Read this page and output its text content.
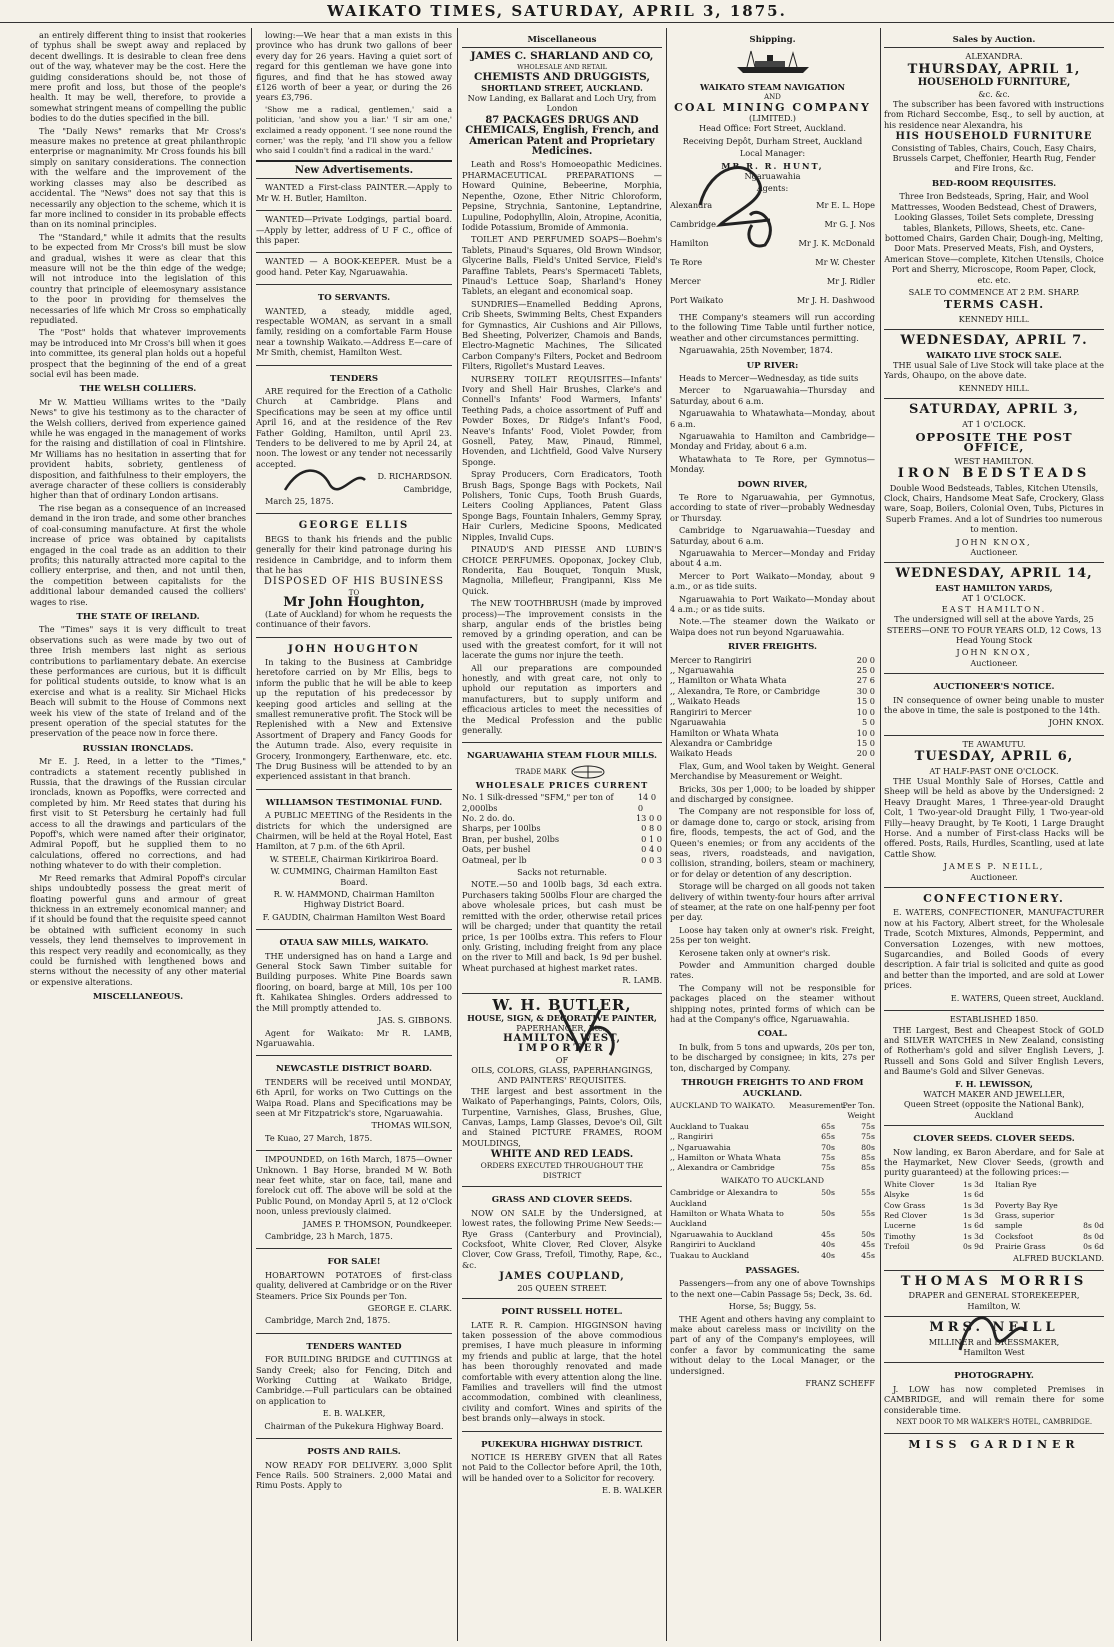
WAIKATO TIMES, SATURDAY, APRIL 3, 1875.

an entirely different thing to insist that rookeries of typhus shall be swept away and replaced by decent dwellings. It is desirable to clean free dens out of the way, whatever may be the cost. Here the guiding considerations should be, not those of mere profit and loss, but those of the people's health. It may be well, therefore, to provide a somewhat stringent means of compelling the public bodies to do the duties specified in the bill.

The "Daily News" remarks that Mr Cross's measure makes no pretence at great philanthropic enterprise or magnanimity. Mr Cross founds his bill simply on sanitary considerations. The connection with the welfare and the improvement of the working classes may also be described as accidental. The "News" does not say that this is necessarily any objection to the scheme, which it is far more inclined to consider in its probable effects than on its nominal principles.

The "Standard," while it admits that the results to be expected from Mr Cross's bill must be slow and gradual, wishes it were as clear that this measure will not be the thin edge of the wedge; will not introduce into the legislation of this country that principle of eleemosynary assistance to the poor in providing for themselves the necessaries of life which Mr Cross so emphatically repudiated.

The "Post" holds that whatever improvements may be introduced into Mr Cross's bill when it goes into committee, its general plan holds out a hopeful prospect that the beginning of the end of a great social evil has been made.

THE WELSH COLLIERS.

Mr W. Mattieu Williams writes to the "Daily News" to give his testimony as to the character of the Welsh colliers, derived from experience gained while he was engaged in the management of works for the raising and distillation of coal in Flintshire. Mr Williams has no hesitation in asserting that for provident habits, sobriety, gentleness of disposition, and faithfulness to their employers, the average character of these colliers is considerably higher than that of ordinary London artisans.

The rise began as a consequence of an increased demand in the iron trade, and some other branches of coal-consuming manufacture. At first the whole increase of price was obtained by capitalists engaged in the coal trade as an addition to their profits; this naturally attracted more capital to the colliery enterprise, and then, and not until then, the competition between capitalists for the additional labour demanded caused the colliers' wages to rise.

THE STATE OF IRELAND.

The "Times" says it is very difficult to treat observations such as were made by two out of three Irish members last night as serious contributions to parliamentary debate. An exercise these performances are curious, but it is difficult for political students outside, to know what is an exercise and what is a reality. Sir Michael Hicks Beach will submit to the House of Commons next week his view of the state of Ireland and of the present operation of the special statutes for the preservation of the peace now in force there.

RUSSIAN IRONCLADS.

Mr E. J. Reed, in a letter to the "Times," contradicts a statement recently published in Russia, that the drawings of the Russian circular ironclads, known as Popoffks, were corrected and completed by him. Mr Reed states that during his first visit to St Petersburg he certainly had full access to all the drawings and particulars of the Popoff's, which were named after their originator, Admiral Popoff, but he supplied them to no calculations, offered no corrections, and had nothing whatever to do with their completion.

Mr Reed remarks that Admiral Popoff's circular ships undoubtedly possess the great merit of floating powerful guns and armour of great thickness in an extremely economical manner; and if it should be found that the requisite speed cannot be obtained with sufficient economy in such vessels, they lend themselves to improvement in this respect very readily and economically, as they could be furnished with lengthened bows and sterns without the necessity of any other material or expensive alterations.

MISCELLANEOUS.

lowing:—We hear that a man exists in this province who has drunk two gallons of beer every day for 26 years. Having a quiet sort of regard for this gentleman we have gone into figures, and find that he has stowed away £126 worth of beer a year, or during the 26 years £3,796.

'Show me a radical, gentlemen,' said a politician, 'and show you a liar.' 'I sir am one,' exclaimed a ready opponent. 'I see none round the corner,' was the reply, 'and I'll show you a fellow who said I couldn't find a radical in the ward.'

New Advertisements.

WANTED a First-class PAINTER.—Apply to Mr W. H. Butler, Hamilton.

WANTED—Private Lodgings, partial board.—Apply by letter, address of U F C., office of this paper.

WANTED — A BOOK-KEEPER. Must be a good hand. Peter Kay, Ngaruawahia.

TO SERVANTS.

WANTED, a steady, middle aged, respectable WOMAN, as servant in a small family, residing on a comfortable Farm House near a township Waikato.—Address E—care of Mr Smith, chemist, Hamilton West.

TENDERS

ARE required for the Erection of a Catholic Church at Cambridge. Plans and Specifications may be seen at my office until April 16, and at the residence of the Rev Father Golding, Hamilton, until April 23. Tenders to be delivered to me by April 24, at noon. The lowest or any tender not necessarily accepted.

D. RICHARDSON.

Cambridge,

March 25, 1875.

GEORGE ELLIS

BEGS to thank his friends and the public generally for their kind patronage during his residence in Cambridge, and to inform them that he has

DISPOSED OF HIS BUSINESS
TO
Mr John Houghton,

(Late of Auckland) for whom he requests the continuance of their favors.

JOHN HOUGHTON

In taking to the Business at Cambridge heretofore carried on by Mr Ellis, begs to inform the public that he will be able to keep up the reputation of his predecessor by keeping good articles and selling at the smallest remunerative profit. The Stock will be Replenished with a New and Extensive Assortment of Drapery and Fancy Goods for the Autumn trade. Also, every requisite in Grocery, Ironmongery, Earthenware, etc. etc. The Drug Business will be attended to by an experienced assistant in that branch.

WILLIAMSON TESTIMONIAL FUND.

A PUBLIC MEETING of the Residents in the districts for which the undersigned are Chairmen, will be held at the Royal Hotel, East Hamilton, at 7 p.m. of the 6th April.

W. STEELE, Chairman Kirikiriroa Board.

W. CUMMING, Chairman Hamilton East Board.

R. W. HAMMOND, Chairman Hamilton Highway District Board.

F. GAUDIN, Chairman Hamilton West Board

OTAUA SAW MILLS, WAIKATO.

THE undersigned has on hand a Large and General Stock Sawn Timber suitable for Building purposes. White Pine Boards sawn flooring, on board, barge at Mill, 10s per 100 ft. Kahikatea Shingles. Orders addressed to the Mill promptly attended to.

JAS. S. GIBBONS.

Agent for Waikato: Mr R. LAMB, Ngaruawahia.

NEWCASTLE DISTRICT BOARD.

TENDERS will be received until MONDAY, 6th April, for works on Two Cuttings on the Waipa Road. Plans and Specifications may be seen at Mr Fitzpatrick's store, Ngaruawahia.

THOMAS WILSON,

Te Kuao, 27 March, 1875.

IMPOUNDED, on 16th March, 1875—Owner Unknown. 1 Bay Horse, branded M W. Both near feet white, star on face, tail, mane and forelock cut off. The above will be sold at the Public Pound, on Monday April 5, at 12 o'Clock noon, unless previously claimed.

JAMES P. THOMSON, Poundkeeper.

Cambridge, 23 h March, 1875.

FOR SALE!

HOBARTOWN POTATOES of first-class quality, delivered at Cambridge or on the River Steamers. Price Six Pounds per Ton.

GEORGE E. CLARK.

Cambridge, March 2nd, 1875.

TENDERS WANTED

FOR BUILDING BRIDGE and CUTTINGS at Sandy Creek; also for Fencing, Ditch and Working Cutting at Waikato Bridge, Cambridge.—Full particulars can be obtained on application to

E. B. WALKER,

Chairman of the Pukekura Highway Board.

POSTS AND RAILS.

NOW READY FOR DELIVERY. 3,000 Split Fence Rails. 500 Strainers. 2,000 Matai and Rimu Posts. Apply to

Miscellaneous
JAMES C. SHARLAND AND CO,
WHOLESALE AND RETAIL
CHEMISTS AND DRUGGISTS,
SHORTLAND STREET, AUCKLAND.

Now Landing, ex Ballarat and Loch Ury, from London

87 PACKAGES DRUGS AND CHEMICALS, English, French, and American Patent and Proprietary Medicines.

Leath and Ross's Homoeopathic Medicines. PHARMACEUTICAL PREPARATIONS — Howard Quinine, Bebeerine, Morphia, Nepenthe, Ozone, Ether Nitric Chloroform, Pepsine, Strychnia, Santonine, Leptandrine, Lupuline, Podophyllin, Aloin, Atropine, Aconitia, Iodide Potassium, Bromide of Ammonia.

TOILET AND PERFUMED SOAPS—Boehm's Tablets, Pinaud's Squares, Old Brown Windsor, Glycerine Balls, Field's United Service, Field's Paraffine Tablets, Pears's Spermaceti Tablets, Pinaud's Lettuce Soap, Sharland's Honey Tablets, an elegant and economical soap.

SUNDRIES—Enamelled Bedding Aprons, Crib Sheets, Swimming Belts, Chest Expanders for Gymnastics, Air Cushions and Air Pillows, Bed Sheeting, Polverizer, Chamois and Bands, Electro-Magnetic Machines, The Silicated Carbon Company's Filters, Pocket and Bedroom Filters, Rigollet's Mustard Leaves.

NURSERY TOILET REQUISITES—Infants' Ivory and Shell Hair Brushes, Clarke's and Connell's Infants' Food Warmers, Infants' Teething Pads, a choice assortment of Puff and Powder Boxes, Dr Ridge's Infant's Food, Neave's Infants' Food, Violet Powder, from Gosnell, Patey, Maw, Pinaud, Rimmel, Hovenden, and Lichtfield, Good Valve Nursery Sponge.

Spray Producers, Corn Eradicators, Tooth Brush Bags, Sponge Bags with Pockets, Nail Polishers, Tonic Cups, Tooth Brush Guards, Leiters Cooling Appliances, Patent Glass Sponge Bags, Fountain Inhalers, Gemmy Spray, Hair Curlers, Medicine Spoons, Medicated Nipples, Invalid Cups.

PINAUD'S AND PIESSE AND LUBIN'S CHOICE PERFUMES. Opoponax, Jockey Club, Ronderita, Eau Bouquet, Tonquin Musk, Magnolia, Millefleur, Frangipanni, Kiss Me Quick.

The NEW TOOTHBRUSH (made by improved process)—The improvement consists in the sharp, angular ends of the bristles being removed by a grinding operation, and can be used with the greatest comfort, for it will not lacerate the gums nor injure the teeth.

All our preparations are compounded honestly, and with great care, not only to uphold our reputation as importers and manufacturers, but to supply uniform and efficacious articles to meet the necessities of the Medical Profession and the public generally.

NGARUAWAHIA STEAM FLOUR MILLS.
TRADE MARK
WHOLESALE PRICES CURRENT
No. 1 Silk-dressed "SFM," per ton of 2,000lbs
14 0 0
No. 2 do. do.	13 0 0
Sharps, per 100lbs	0 8 0
Bran, per bushel, 20lbs	0 1 0
Oats, per bushel	0 4 0
Oatmeal, per lb	0 0 3

Sacks not returnable.

NOTE.—50 and 100lb bags, 3d each extra. Purchasers taking 500lbs Flour are charged the above wholesale prices, but cash must be remitted with the order, otherwise retail prices will be charged; under that quantity the retail price, 1s per 100lbs extra. This refers to Flour only. Gristing, including freight from any place on the river to Mill and back, 1s 9d per bushel. Wheat purchased at highest market rates.

R. LAMB.

W. H. BUTLER,
HOUSE, SIGN, & DECORATIVE PAINTER,
PAPERHANGER, Etc.,
HAMILTON WEST,
IMPORTER
OF
OILS, COLORS, GLASS, PAPERHANGINGS, AND PAINTERS' REQUISITES.

THE largest and best assortment in the Waikato of Paperhangings, Paints, Colors, Oils, Turpentine, Varnishes, Glass, Brushes, Glue, Canvas, Lamps, Lamp Glasses, Devoe's Oil, Gilt and Stained PICTURE FRAMES, ROOM MOULDINGS,

WHITE AND RED LEADS.
ORDERS EXECUTED THROUGHOUT THE DISTRICT
GRASS AND CLOVER SEEDS.

NOW ON SALE by the Undersigned, at lowest rates, the following Prime New Seeds:— Rye Grass (Canterbury and Provincial), Cocksfoot, White Clover, Red Clover, Alsyke Clover, Cow Grass, Trefoil, Timothy, Rape, &c., &c.

JAMES COUPLAND,
205 QUEEN STREET.
POINT RUSSELL HOTEL.

LATE R. R. Campion. HIGGINSON having taken possession of the above commodious premises, I have much pleasure in informing my friends and public at large, that the hotel has been thoroughly renovated and made comfortable with every attention along the line. Families and travellers will find the utmost accommodation, combined with cleanliness, civility and comfort. Wines and spirits of the best brands only—always in stock.

PUKEKURA HIGHWAY DISTRICT.

NOTICE IS HEREBY GIVEN that all Rates not Paid to the Collector before April, the 10th, will be handed over to a Solicitor for recovery.

E. B. WALKER

Shipping.
WAIKATO STEAM NAVIGATION
AND
COAL MINING COMPANY
(LIMITED.)

Head Office: Fort Street, Auckland.

Receiving Depôt, Durham Street, Auckland

Local Manager:

MR R. R. HUNT,

Ngaruawahia

Agents:

Alexandra	Mr E. L. Hope
Cambridge	Mr G. J. Nos
Hamilton	Mr J. K. McDonald
Te Rore	Mr W. Chester
Mercer	Mr J. Ridler
Port Waikato	Mr J. H. Dashwood

THE Company's steamers will run according to the following Time Table until further notice, weather and other circumstances permitting.

Ngaruawahia, 25th November, 1874.

UP RIVER:

Heads to Mercer—Wednesday, as tide suits

Mercer to Ngaruawahia—Thursday and Saturday, about 6 a.m.

Ngaruawahia to Whatawhata—Monday, about 6 a.m.

Ngaruawahia to Hamilton and Cambridge—Monday and Friday, about 6 a.m.

Whatawhata to Te Rore, per Gymnotus—Monday.

DOWN RIVER,

Te Rore to Ngaruawahia, per Gymnotus, according to state of river—probably Wednesday or Thursday.

Cambridge to Ngaruawahia—Tuesday and Saturday, about 6 a.m.

Ngaruawahia to Mercer—Monday and Friday about 4 a.m.

Mercer to Port Waikato—Monday, about 9 a.m., or as tide suits.

Ngaruawahia to Port Waikato—Monday about 4 a.m.; or as tide suits.

Note.—The steamer down the Waikato or Waipa does not run beyond Ngaruawahia.

RIVER FREIGHTS.
Mercer to Rangiriri	20 0
,, Ngaruawahia	25 0
,, Hamilton or Whata Whata	27 6
,, Alexandra, Te Rore, or Cambridge	30 0
,, Waikato Heads	15 0
Rangiriri to Mercer	10 0
Ngaruawahia	5 0
Hamilton or Whata Whata	10 0
Alexandra or Cambridge	15 0
Waikato Heads	20 0

Flax, Gum, and Wool taken by Weight. General Merchandise by Measurement or Weight.

Bricks, 30s per 1,000; to be loaded by shipper and discharged by consignee.

The Company are not responsible for loss of, or damage done to, cargo or stock, arising from fire, floods, tempests, the act of God, and the Queen's enemies; or from any accidents of the seas, rivers, roadsteads, and navigation, collision, stranding, boilers, steam or machinery, or for delay or detention of any description.

Storage will be charged on all goods not taken delivery of within twenty-four hours after arrival of steamer, at the rate on one half-penny per foot per day.

Loose hay taken only at owner's risk. Freight, 25s per ton weight.

Kerosene taken only at owner's risk.

Powder and Ammunition charged double rates.

The Company will not be responsible for packages placed on the steamer without shipping notes, printed forms of which can be had at the Company's office, Ngaruawahia.

COAL.

In bulk, from 5 tons and upwards, 20s per ton, to be discharged by consignee; in kits, 27s per ton, discharged by Company.

THROUGH FREIGHTS TO AND FROM AUCKLAND.
AUCKLAND TO WAIKATO.	Measurement.
Per Ton. Weight
Auckland to Tuakau	65s	75s
,, Rangiriri	65s	75s
,, Ngaruawahia	70s	80s
,, Hamilton or Whata Whata	75s	85s
,, Alexandra or Cambridge	75s	85s
WAIKATO TO AUCKLAND
Cambridge or Alexandra to Auckland
50s	55s
Hamilton or Whata Whata to Auckland
50s	55s
Ngaruawahia to Auckland	45s	50s
Rangiriri to Auckland	40s	45s
Tuakau to Auckland	40s	45s
PASSAGES.

Passengers—from any one of above Townships to the next one—Cabin Passage 5s; Deck, 3s. 6d.

Horse, 5s; Buggy, 5s.

THE Agent and others having any complaint to make about careless mass or incivility on the part of any of the Company's employees, will confer a favor by communicating the same without delay to the Local Manager, or the undersigned.

FRANZ SCHEFF

Sales by Auction.
ALEXANDRA.
THURSDAY, APRIL 1,
HOUSEHOLD FURNITURE,
&c. &c.

The subscriber has been favored with instructions from Richard Seccombe, Esq., to sell by auction, at his residence near Alexandra, his

HIS HOUSEHOLD FURNITURE

Consisting of Tables, Chairs, Couch, Easy Chairs, Brussels Carpet, Cheffonier, Hearth Rug, Fender and Fire Irons, &c.

BED-ROOM REQUISITES.

Three Iron Bedsteads, Spring, Hair, and Wool Mattresses, Wooden Bedstead, Chest of Drawers, Looking Glasses, Toilet Sets complete, Dressing tables, Blankets, Pillows, Sheets, etc. Cane-bottomed Chairs, Garden Chair, Dough-ing, Melting, Door Mats. Preserved Meats, Fish, and Oysters, American Stove—complete, Kitchen Utensils, Choice Port and Sherry, Microscope, Room Paper, Clock, etc. etc.

SALE TO COMMENCE AT 2 P.M. SHARP.
TERMS CASH.
KENNEDY HILL.
WEDNESDAY, APRIL 7.
WAIKATO LIVE STOCK SALE.

THE usual Sale of Live Stock will take place at the Yards, Ohaupo, on the above date.

KENNEDY HILL.
SATURDAY, APRIL 3,
AT 1 O'CLOCK.
OPPOSITE THE POST OFFICE,
WEST HAMILTON.
IRON BEDSTEADS

Double Wood Bedsteads, Tables, Kitchen Utensils, Clock, Chairs, Handsome Meat Safe, Crockery, Glass ware, Soap, Boilers, Colonial Oven, Tubs, Pictures in Superb Frames. And a lot of Sundries too numerous to mention.

JOHN KNOX,
Auctioneer.
WEDNESDAY, APRIL 14,
EAST HAMILTON YARDS,
AT 1 O'CLOCK.
EAST HAMILTON.

The undersigned will sell at the above Yards, 25 STEERS—ONE TO FOUR YEARS OLD, 12 Cows, 13 Head Young Stock

JOHN KNOX,
Auctioneer.
AUCTIONEER'S NOTICE.

IN consequence of owner being unable to muster the above in time, the sale is postponed to the 14th.

JOHN KNOX.

TE AWAMUTU.
TUESDAY, APRIL 6,
AT HALF-PAST ONE O'CLOCK.

THE Usual Monthly Sale of Horses, Cattle and Sheep will be held as above by the Undersigned: 2 Heavy Draught Mares, 1 Three-year-old Draught Colt, 1 Two-year-old Draught Filly, 1 Two-year-old Filly—heavy Draught, by Te Kooti, 1 Large Draught Horse. And a number of First-class Hacks will be offered. Posts, Rails, Hurdles, Scantling, used at late Cattle Show.

JAMES P. NEILL,
Auctioneer.
CONFECTIONERY.

E. WATERS, CONFECTIONER, MANUFACTURER now at his Factory, Albert street, for the Wholesale Trade, Scotch Mixtures, Almonds, Peppermint, and Conversation Lozenges, with new mottoes, Sugarcandies, and Boiled Goods of every description. A fair trial is solicited and quite as good and better than the imported, and are sold at Lower prices.

E. WATERS, Queen street, Auckland.

ESTABLISHED 1850.

THE Largest, Best and Cheapest Stock of GOLD and SILVER WATCHES in New Zealand, consisting of Rotherham's gold and silver English Levers, J. Russell and Sons Gold and Silver English Levers, and Baume's Gold and Silver Genevas.

F. H. LEWISSON,
WATCH MAKER AND JEWELLER,
Queen Street (opposite the National Bank), Auckland
CLOVER SEEDS. CLOVER SEEDS.

Now landing, ex Baron Aberdare, and for Sale at the Haymarket, New Clover Seeds, (growth and purity guaranteed) at the following prices:—

White Clover	1s 3d	Italian Rye
Alsyke	1s 6d
Cow Grass	1s 3d	Poverty Bay Rye
Red Clover	1s 3d	Grass, superior
Lucerne	1s 6d	sample	8s 0d
Timothy	1s 3d	Cocksfoot	8s 0d
Trefoil	0s 9d	Prairie Grass	0s 6d

ALFRED BUCKLAND.

THOMAS MORRIS
DRAPER and GENERAL STOREKEEPER,
Hamilton, W.
MRS. NEILL
MILLINER and DRESSMAKER,
Hamilton West
PHOTOGRAPHY.

J. LOW has now completed Premises in CAMBRIDGE, and will remain there for some considerable time.

NEXT DOOR TO MR WALKER'S HOTEL, CAMBRIDGE.
MISS GARDINER
